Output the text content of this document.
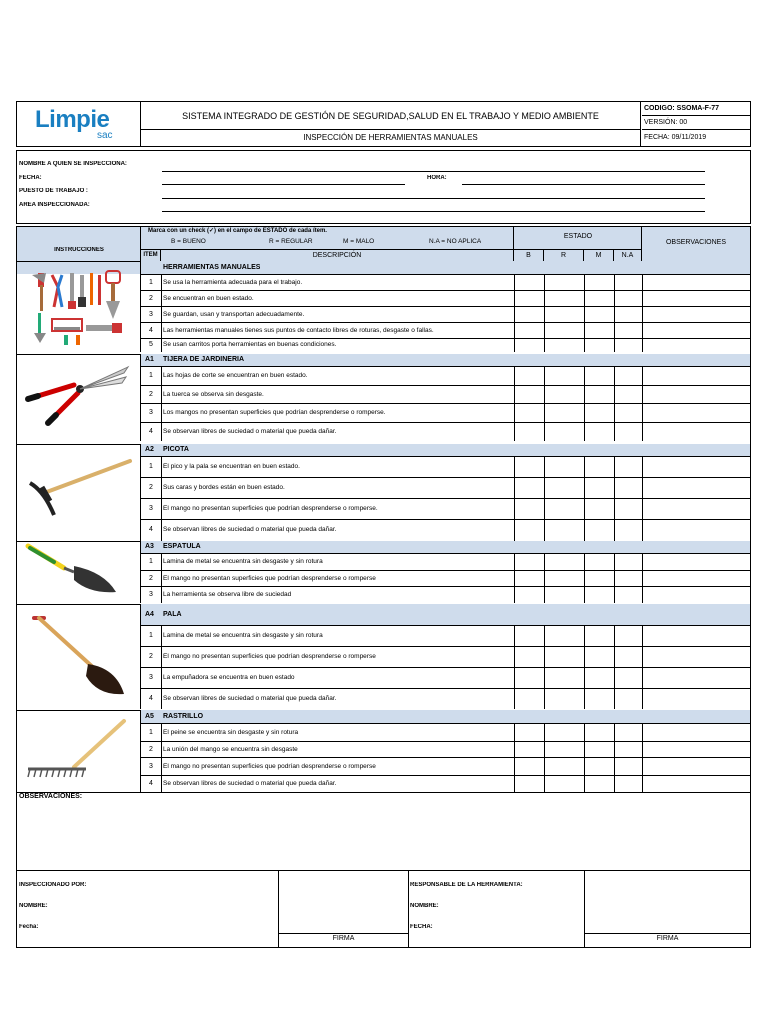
Limpie
sac
SISTEMA INTEGRADO DE GESTIÓN DE SEGURIDAD,SALUD EN EL TRABAJO Y MEDIO AMBIENTE
INSPECCIÓN DE HERRAMIENTAS MANUALES
CODIGO: SSOMA-F-77
VERSIÓN: 00
FECHA: 09/11/2019
NOMBRE A QUIEN SE INSPECCIONA:
FECHA:	HORA:
PUESTO DE TRABAJO :
ÁREA INSPECCIONADA:
INSTRUCCIONES
Marca con un check (✓) en el campo de ESTADO de cada ítem.
B = BUENO	R = REGULAR	M = MALO	N.A = NO APLICA
ESTADO
OBSERVACIONES
ITEM	DESCRIPCIÓN	B	R	M	N.A
HERRAMIENTAS MANUALES
1	Se usa la herramienta adecuada para el trabajo.
2	Se encuentran en buen estado.
3	Se guardan, usan y transportan adecuadamente.
4	Las herramientas manuales tienes sus puntos de contacto libres de roturas, desgaste o fallas.
5	Se usan carritos porta herramientas en buenas condiciones.
A1 TIJERA DE JARDINERIA
1	Las hojas de corte se encuentran en buen estado.
2	La tuerca se observa sin desgaste.
3	Los mangos no presentan superficies que podrían desprenderse o romperse.
4	Se observan libres de suciedad o material que pueda dañar.
A2 PICOTA
1	El pico y la pala se encuentran en buen estado.
2	Sus caras y bordes están en buen estado.
3	El mango no presentan superficies que podrían desprenderse o romperse.
4	Se observan libres de suciedad o material que pueda dañar.
A3 ESPÁTULA
1	Lamina de metal se encuentra sin desgaste y sin rotura
2	El mango no presentan superficies que podrían desprenderse o romperse
3	La herramienta se observa libre de suciedad
A4 PALA
1	Lamina de metal se encuentra sin desgaste y sin rotura
2	El mango no presentan superficies que podrían desprenderse o romperse
3	La empuñadora se encuentra en buen estado
4	Se observan libres de suciedad o material que pueda dañar.
A5 RASTRILLO
1	El peine se encuentra sin desgaste y sin rotura
2	La unión del mango se encuentra sin desgaste
3	El mango no presentan superficies que podrían desprenderse o romperse
4	Se observan libres de suciedad o material que pueda dañar.
OBSERVACIONES:
INSPECCIONADO POR:
NOMBRE:
Fecha:
FIRMA	FIRMA
RESPONSABLE DE LA HERRAMIENTA:
NOMBRE:
FECHA:
